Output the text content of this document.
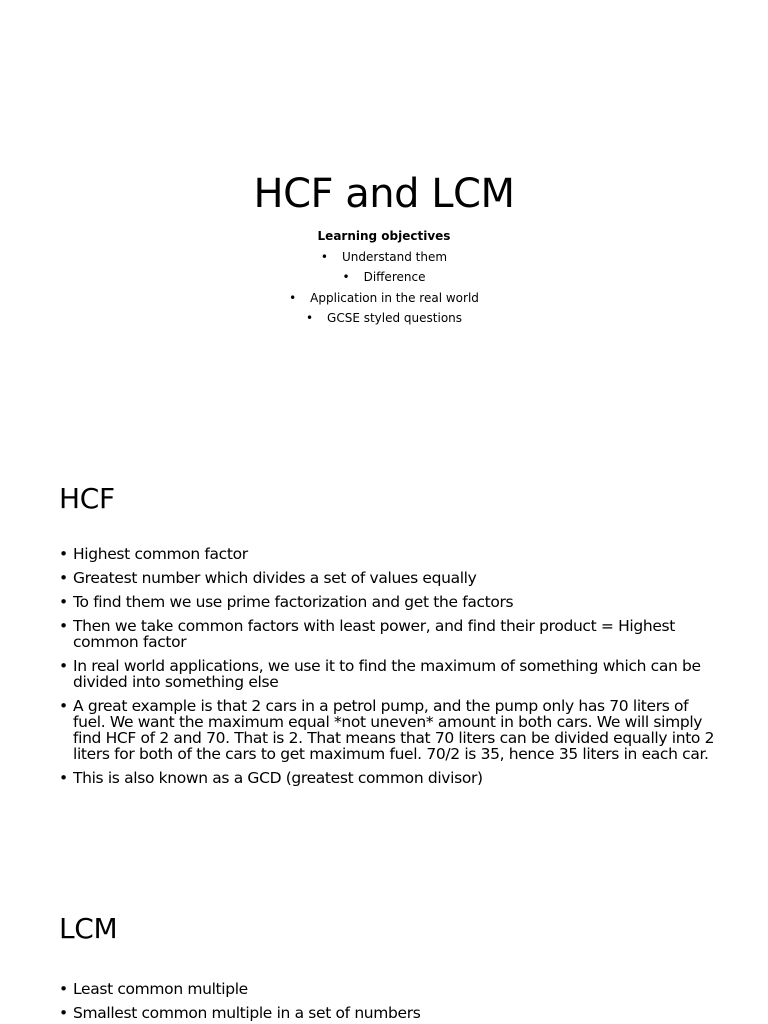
HCF and LCM
Learning objectives
• Understand them
• Difference
• Application in the real world
• GCSE styled questions
HCF
• Highest common factor
• Greatest number which divides a set of values equally
• To find them we use prime factorization and get the factors
• Then we take common factors with least power, and find their product = Highest common factor
• In real world applications, we use it to find the maximum of something which can be divided into something else
• A great example is that 2 cars in a petrol pump, and the pump only has 70 liters of fuel. We want the maximum equal *not uneven* amount in both cars. We will simply find HCF of 2 and 70. That is 2. That means that 70 liters can be divided equally into 2 liters for both of the cars to get maximum fuel. 70/2 is 35, hence 35 liters in each car.
• This is also known as a GCD (greatest common divisor)
LCM
• Least common multiple
• Smallest common multiple in a set of numbers
